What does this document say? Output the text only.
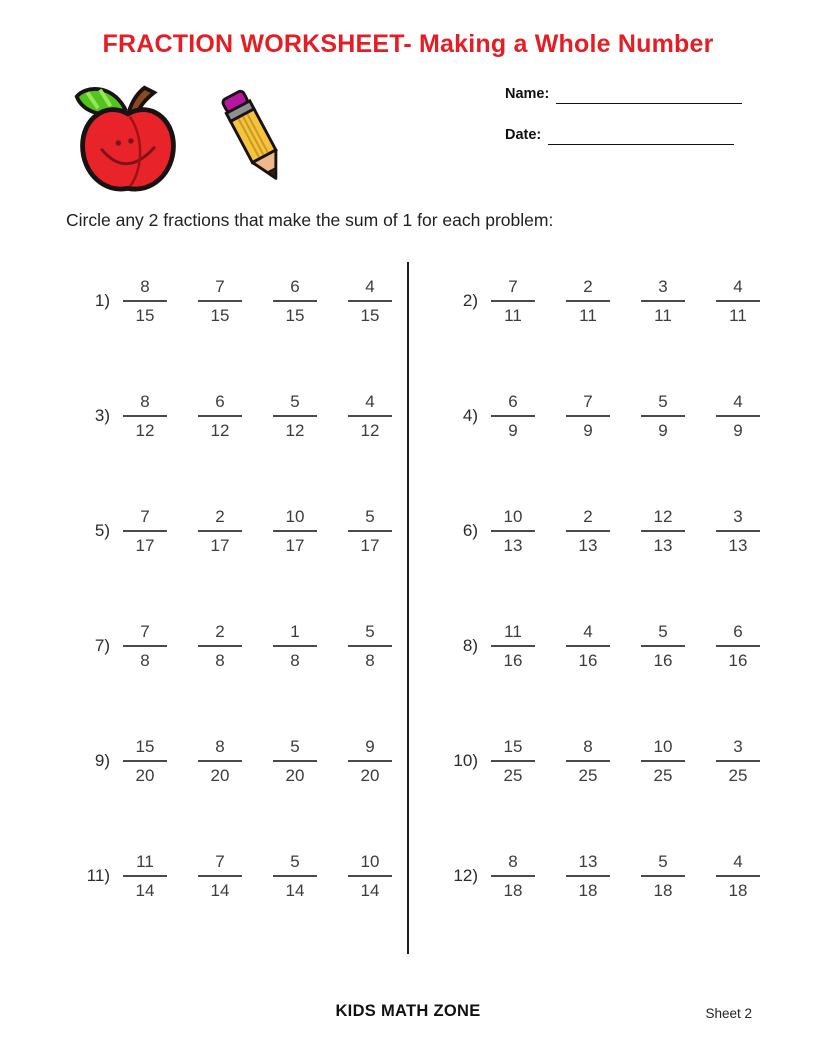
FRACTION WORKSHEET- Making a Whole Number
Name:
Date:
Circle any 2 fractions that make the sum of 1 for each problem:
$1) \frac{8}{15} \frac{7}{15} \frac{6}{15} \frac{4}{15}$	$2) \frac{7}{11} \frac{2}{11} \frac{3}{11} \frac{4}{11}$
$3) \frac{8}{12} \frac{6}{12} \frac{5}{12} \frac{4}{12}$	$4) \frac{6}{9} \frac{7}{9} \frac{5}{9} \frac{4}{9}$
$5) \frac{7}{17} \frac{2}{17} \frac{10}{17} \frac{5}{17}$	$6) \frac{10}{13} \frac{2}{13} \frac{12}{13} \frac{3}{13}$
$7) \frac{7}{8} \frac{2}{8} \frac{1}{8} \frac{5}{8}$	$8) \frac{11}{16} \frac{4}{16} \frac{5}{16} \frac{6}{16}$
$9) \frac{15}{20} \frac{8}{20} \frac{5}{20} \frac{9}{20}$	$10) \frac{15}{25} \frac{8}{25} \frac{10}{25} \frac{3}{25}$
$11) \frac{11}{14} \frac{7}{14} \frac{5}{14} \frac{10}{14}$	$12) \frac{8}{18} \frac{13}{18} \frac{5}{18} \frac{4}{18}$
KIDS MATH ZONE	Sheet 2
